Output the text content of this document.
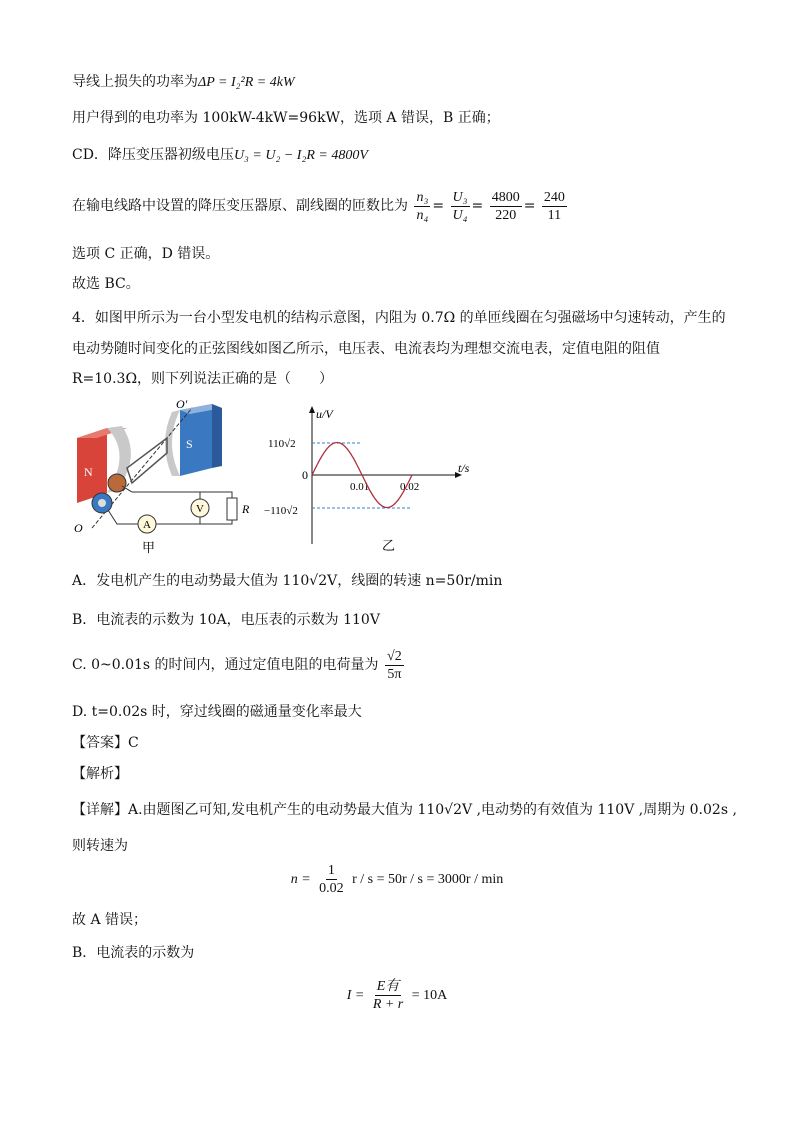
导线上损失的功率为ΔP = I₂²R = 4kW
用户得到的电功率为 100kW-4kW=96kW，选项 A 错误，B 正确；
CD．降压变压器初级电压U₃ = U₂ − I₂R = 4800V
在输电线路中设置的降压变压器原、副线圈的匝数比为 $\frac{\text{n₃}}{\text{n₄}} = \frac{\text{U₃}}{\text{U₄}} = \frac{4800}{220} = \frac{240}{11}$
选项 C 正确，D 错误。
故选 BC。
4．如图甲所示为一台小型发电机的结构示意图，内阻为 0.7Ω 的单匝线圈在匀强磁场中匀速转动，产生的
电动势随时间变化的正弦图线如图乙所示，电压表、电流表均为理想交流电表，定值电阻的阻值
R=10.3Ω，则下列说法正确的是（　　）
N
S
O′
O
R
V
A
甲
u/V
t/s
0
110√2
−110√2
0.01	0.02
乙
A．发电机产生的电动势最大值为 110√2V，线圈的转速 n=50r/min
B．电流表的示数为 10A，电压表的示数为 110V
C. 0~0.01s 的时间内，通过定值电阻的电荷量为 $\frac{√2}{5\pi}$
D. t=0.02s 时，穿过线圈的磁通量变化率最大
【答案】C
【解析】
【详解】A.由题图乙可知,发电机产生的电动势最大值为 110√2V ,电动势的有效值为 110V ,周期为 0.02s ,
则转速为
$n = \frac{1}{0.02}$ r / s = 50r / s = 3000r / min
故 A 错误；
B．电流表的示数为
$I = \frac{\text{E有}}{R + r} = 10A$
